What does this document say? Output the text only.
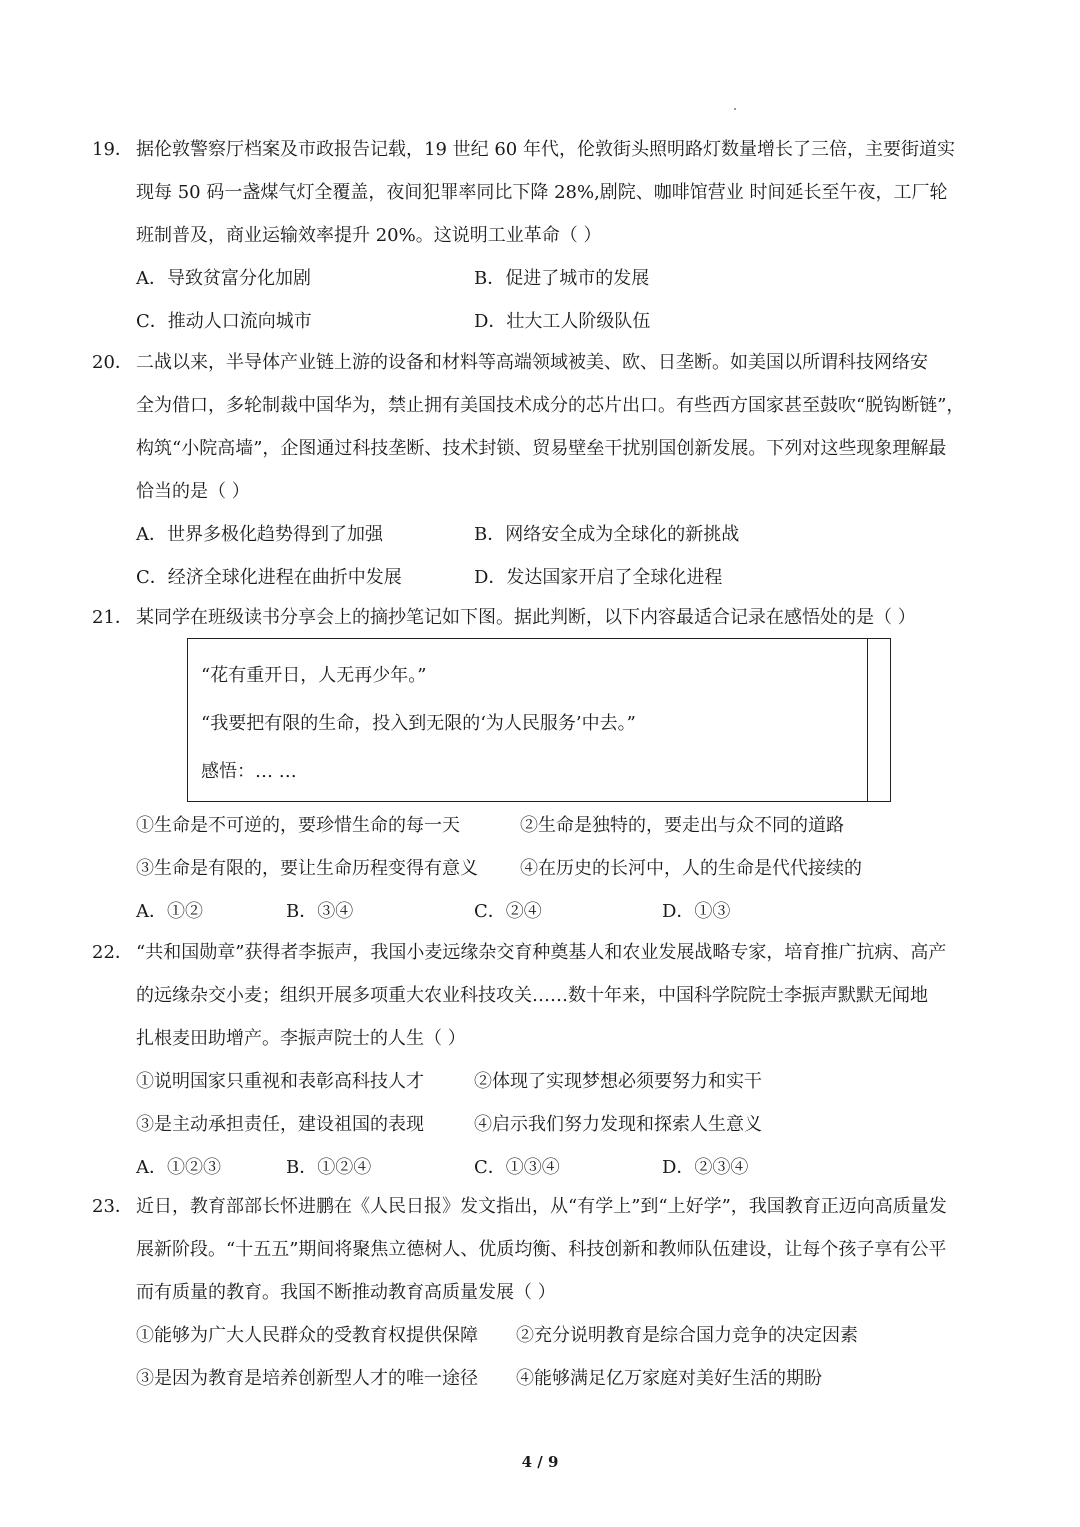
19． 据伦敦警察厅档案及市政报告记载，19 世纪 60 年代，伦敦街头照明路灯数量增长了三倍，主要街道实
现每 50 码一盏煤气灯全覆盖，夜间犯罪率同比下降 28%,剧院、咖啡馆营业 时间延长至午夜，工厂轮
班制普及，商业运输效率提升 20%。这说明工业革命（ ）
A．导致贫富分化加剧	B．促进了城市的发展
C．推动人口流向城市	D．壮大工人阶级队伍
20． 二战以来，半导体产业链上游的设备和材料等高端领域被美、欧、日垄断。如美国以所谓科技网络安
全为借口，多轮制裁中国华为，禁止拥有美国技术成分的芯片出口。有些西方国家甚至鼓吹“脱钩断链”，
构筑“小院高墙”，企图通过科技垄断、技术封锁、贸易壁垒干扰别国创新发展。下列对这些现象理解最
恰当的是（ ）
A．世界多极化趋势得到了加强	B．网络安全成为全球化的新挑战
C．经济全球化进程在曲折中发展	D．发达国家开启了全球化进程
21． 某同学在班级读书分享会上的摘抄笔记如下图。据此判断，以下内容最适合记录在感悟处的是（ ）
“花有重开日，人无再少年。”
“我要把有限的生命，投入到无限的‘为人民服务’中去。”
感悟：… …
①生命是不可逆的，要珍惜生命的每一天	②生命是独特的，要走出与众不同的道路
③生命是有限的，要让生命历程变得有意义 ④在历史的长河中，人的生命是代代接续的
A．①②	B．③④	C．②④	D．①③
22． “共和国勋章”获得者李振声，我国小麦远缘杂交育种奠基人和农业发展战略专家，培育推广抗病、高产
的远缘杂交小麦；组织开展多项重大农业科技攻关……数十年来，中国科学院院士李振声默默无闻地
扎根麦田助增产。李振声院士的人生（ ）
①说明国家只重视和表彰高科技人才	②体现了实现梦想必须要努力和实干
③是主动承担责任，建设祖国的表现	④启示我们努力发现和探索人生意义
A．①②③	B．①②④	C．①③④	D．②③④
23． 近日，教育部部长怀进鹏在《人民日报》发文指出，从“有学上”到“上好学”，我国教育正迈向高质量发
展新阶段。“十五五”期间将聚焦立德树人、优质均衡、科技创新和教师队伍建设，让每个孩子享有公平
而有质量的教育。我国不断推动教育高质量发展（ ）
①能够为广大人民群众的受教育权提供保障 ②充分说明教育是综合国力竞争的决定因素
③是因为教育是培养创新型人才的唯一途径 ④能够满足亿万家庭对美好生活的期盼
4 / 9
